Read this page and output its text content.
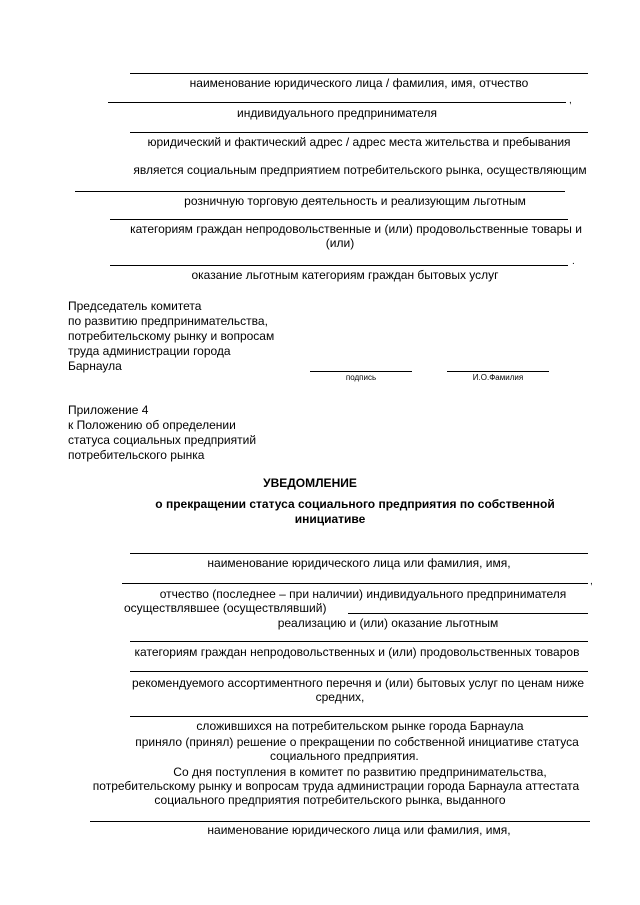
наименование юридического лица / фамилия, имя, отчество
,
индивидуального предпринимателя
юридический и фактический адрес / адрес места жительства и пребывания
является социальным предприятием потребительского рынка, осуществляющим
розничную торговую деятельность и реализующим льготным
категориям граждан непродовольственные и (или) продовольственные товары и
(или)
.
оказание льготным категориям граждан бытовых услуг
Председатель комитета
по развитию предпринимательства,
потребительскому рынку и вопросам
труда администрации города
Барнаула
подпись	И.О.Фамилия
Приложение 4
к Положению об определении
статуса социальных предприятий
потребительского рынка
УВЕДОМЛЕНИЕ
о прекращении статуса социального предприятия по собственной
инициативе
наименование юридического лица или фамилия, имя,
,
отчество (последнее – при наличии) индивидуального предпринимателя
осуществлявшее (осуществлявший)
реализацию и (или) оказание льготным
категориям граждан непродовольственных и (или) продовольственных товаров
рекомендуемого ассортиментного перечня и (или) бытовых услуг по ценам ниже
средних,
сложившихся на потребительском рынке города Барнаула
приняло (принял) решение о прекращении по собственной инициативе статуса
социального предприятия.
Со дня поступления в комитет по развитию предпринимательства,
потребительскому рынку и вопросам труда администрации города Барнаула аттестата
социального предприятия потребительского рынка, выданного
наименование юридического лица или фамилия, имя,
